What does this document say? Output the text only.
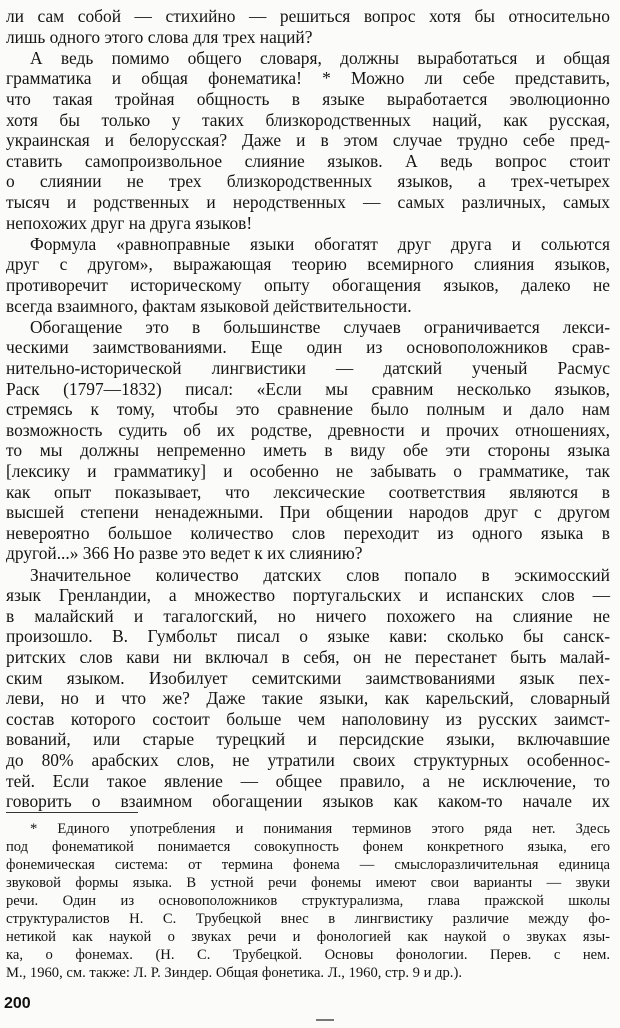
ли сам собой — стихийно — решиться вопрос хотя бы относительно
лишь одного этого слова для трех наций?
А ведь помимо общего словаря, должны выработаться и общая
грамматика и общая фонематика! * Можно ли себе представить,
что такая тройная общность в языке выработается эволюционно
хотя бы только у таких близкородственных наций, как русская,
украинская и белорусская? Даже и в этом случае трудно себе пред-
ставить самопроизвольное слияние языков. А ведь вопрос стоит
о слиянии не трех близкородственных языков, а трех-четырех
тысяч и родственных и неродственных — самых различных, самых
непохожих друг на друга языков!
Формула «равноправные языки обогатят друг друга и сольются
друг с другом», выражающая теорию всемирного слияния языков,
противоречит историческому опыту обогащения языков, далеко не
всегда взаимного, фактам языковой действительности.
Обогащение это в большинстве случаев ограничивается лекси-
ческими заимствованиями. Еще один из основоположников срав-
нительно-исторической лингвистики — датский ученый Расмус
Раск (1797—1832) писал: «Если мы сравним несколько языков,
стремясь к тому, чтобы это сравнение было полным и дало нам
возможность судить об их родстве, древности и прочих отношениях,
то мы должны непременно иметь в виду обе эти стороны языка
[лексику и грамматику] и особенно не забывать о грамматике, так
как опыт показывает, что лексические соответствия являются в
высшей степени ненадежными. При общении народов друг с другом
невероятно большое количество слов переходит из одного языка в
другой...» 366 Но разве это ведет к их слиянию?
Значительное количество датских слов попало в эскимосский
язык Гренландии, а множество португальских и испанских слов —
в малайский и тагалогский, но ничего похожего на слияние не
произошло. В. Гумбольт писал о языке кави: сколько бы санск-
ритских слов кави ни включал в себя, он не перестанет быть малай-
ским языком. Изобилует семитскими заимствованиями язык пех-
леви, но и что же? Даже такие языки, как карельский, словарный
состав которого состоит больше чем наполовину из русских заимст-
вований, или старые турецкий и персидские языки, включавшие
до 80% арабских слов, не утратили своих структурных особеннос-
тей. Если такое явление — общее правило, а не исключение, то
говорить о взаимном обогащении языков как каком-то начале их
* Единого употребления и понимания терминов этого ряда нет. Здесь
под фонематикой понимается совокупность фонем конкретного языка, его
фонемическая система: от термина фонема — смыслоразличительная единица
звуковой формы языка. В устной речи фонемы имеют свои варианты — звуки
речи. Один из основоположников структурализма, глава пражской школы
структуралистов Н. С. Трубецкой внес в лингвистику различие между фо-
нетикой как наукой о звуках речи и фонологией как наукой о звуках язы-
ка, о фонемах. (Н. С. Трубецкой. Основы фонологии. Перев. с нем.
М., 1960, см. также: Л. Р. Зиндер. Общая фонетика. Л., 1960, стр. 9 и др.).
200
